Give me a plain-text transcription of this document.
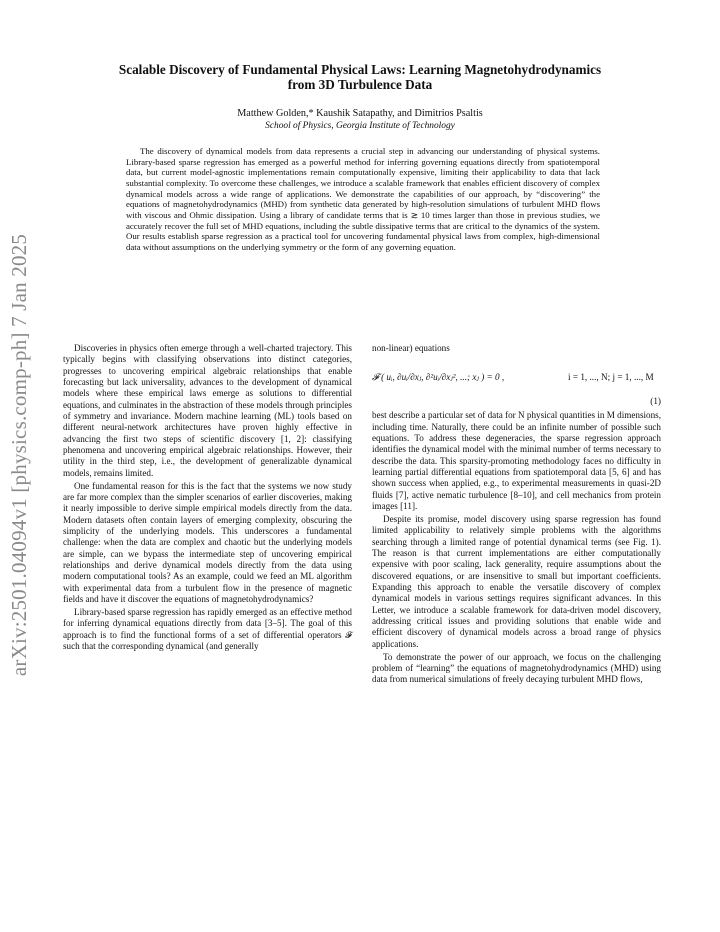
arXiv:2501.04094v1 [physics.comp-ph] 7 Jan 2025
Scalable Discovery of Fundamental Physical Laws: Learning Magnetohydrodynamics
from 3D Turbulence Data
Matthew Golden,* Kaushik Satapathy, and Dimitrios Psaltis
School of Physics, Georgia Institute of Technology

The discovery of dynamical models from data represents a crucial step in advancing our understanding of physical systems. Library-based sparse regression has emerged as a powerful method for inferring governing equations directly from spatiotemporal data, but current model-agnostic implementations remain computationally expensive, limiting their applicability to data that lack substantial complexity. To overcome these challenges, we introduce a scalable framework that enables efficient discovery of complex dynamical models across a wide range of applications. We demonstrate the capabilities of our approach, by “discovering” the equations of magnetohydrodynamics (MHD) from synthetic data generated by high-resolution simulations of turbulent MHD flows with viscous and Ohmic dissipation. Using a library of candidate terms that is ≳ 10 times larger than those in previous studies, we accurately recover the full set of MHD equations, including the subtle dissipative terms that are critical to the dynamics of the system. Our results establish sparse regression as a practical tool for uncovering fundamental physical laws from complex, high-dimensional data without assumptions on the underlying symmetry or the form of any governing equation.

Discoveries in physics often emerge through a well-charted trajectory. This typically begins with classifying observations into distinct categories, progresses to uncovering empirical algebraic relationships that enable forecasting but lack universality, advances to the development of dynamical models where these empirical laws emerge as solutions to differential equations, and culminates in the abstraction of these models through principles of symmetry and invariance. Modern machine learning (ML) tools based on different neural-network architectures have proven highly effective in advancing the first two steps of scientific discovery [1, 2]: classifying phenomena and uncovering empirical algebraic relationships. However, their utility in the third step, i.e., the development of generalizable dynamical models, remains limited.

One fundamental reason for this is the fact that the systems we now study are far more complex than the simpler scenarios of earlier discoveries, making it nearly impossible to derive simple empirical models directly from the data. Modern datasets often contain layers of emerging complexity, obscuring the simplicity of the underlying models. This underscores a fundamental challenge: when the data are complex and chaotic but the underlying models are simple, can we bypass the intermediate step of uncovering empirical relationships and derive dynamical models directly from the data using modern computational tools? As an example, could we feed an ML algorithm with experimental data from a turbulent flow in the presence of magnetic fields and have it discover the equations of magnetohydrodynamics?

Library-based sparse regression has rapidly emerged as an effective method for inferring dynamical equations directly from data [3–5]. The goal of this approach is to find the functional forms of a set of differential operators 𝓕 such that the corresponding dynamical (and generally

non-linear) equations

𝓕 ( uᵢ, ∂uᵢ/∂xⱼ, ∂²uᵢ/∂xⱼ², ...; xⱼ ) = 0 ,	i = 1, ..., N; j = 1, ..., M
(1)

best describe a particular set of data for N physical quantities in M dimensions, including time. Naturally, there could be an infinite number of possible such equations. To address these degeneracies, the sparse regression approach identifies the dynamical model with the minimal number of terms necessary to describe the data. This sparsity-promoting methodology faces no difficulty in learning partial differential equations from spatiotemporal data [5, 6] and has shown success when applied, e.g., to experimental measurements in quasi-2D fluids [7], active nematic turbulence [8–10], and cell mechanics from protein images [11].

Despite its promise, model discovery using sparse regression has found limited applicability to relatively simple problems with the algorithms searching through a limited range of potential dynamical terms (see Fig. 1). The reason is that current implementations are either computationally expensive with poor scaling, lack generality, require assumptions about the discovered equations, or are insensitive to small but important coefficients. Expanding this approach to enable the versatile discovery of complex dynamical models in various settings requires significant advances. In this Letter, we introduce a scalable framework for data-driven model discovery, addressing critical issues and providing solutions that enable wide and efficient discovery of dynamical models across a broad range of physics applications.

To demonstrate the power of our approach, we focus on the challenging problem of “learning” the equations of magnetohydrodynamics (MHD) using data from numerical simulations of freely decaying turbulent MHD flows,
